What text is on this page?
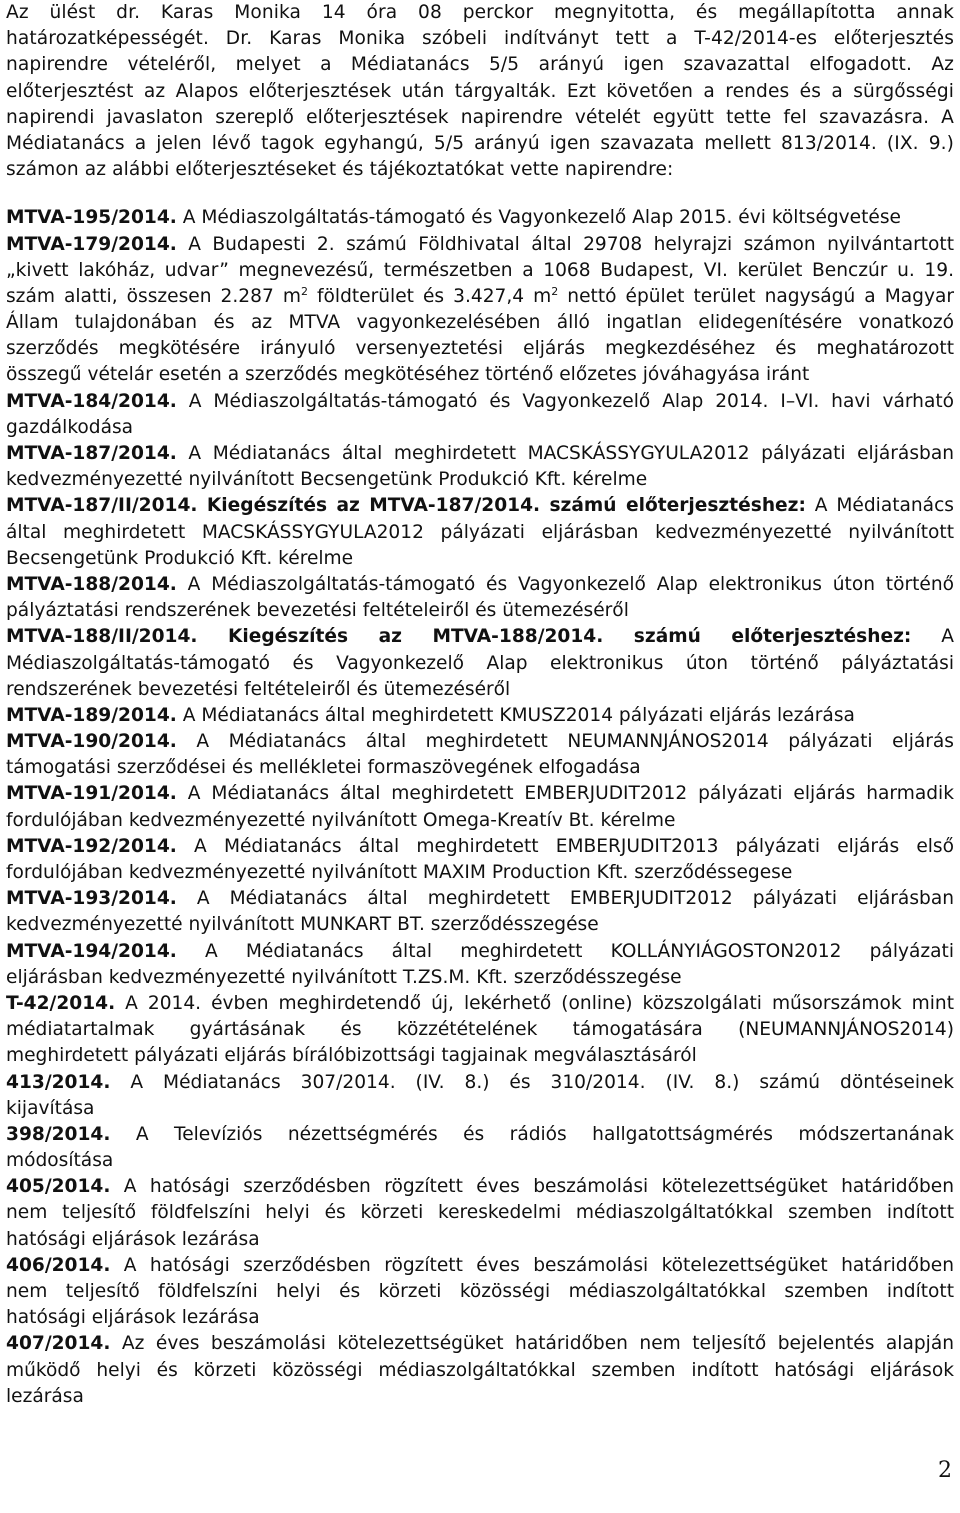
Az ülést dr. Karas Monika 14 óra 08 perckor megnyitotta, és megállapította annak
határozatképességét. Dr. Karas Monika szóbeli indítványt tett a T-42/2014-es előterjesztés
napirendre vételéről, melyet a Médiatanács 5/5 arányú igen szavazattal elfogadott. Az
előterjesztést az Alapos előterjesztések után tárgyalták. Ezt követően a rendes és a sürgősségi
napirendi javaslaton szereplő előterjesztések napirendre vételét együtt tette fel szavazásra. A
Médiatanács a jelen lévő tagok egyhangú, 5/5 arányú igen szavazata mellett 813/2014. (IX. 9.)
számon az alábbi előterjesztéseket és tájékoztatókat vette napirendre:
MTVA-195/2014. A Médiaszolgáltatás-támogató és Vagyonkezelő Alap 2015. évi költségvetése
MTVA-179/2014. A Budapesti 2. számú Földhivatal által 29708 helyrajzi számon nyilvántartott
„kivett lakóház, udvar” megnevezésű, természetben a 1068 Budapest, VI. kerület Benczúr u. 19.
szám alatti, összesen 2.287 $m^2$ földterület és 3.427,4 $m^2$ nettó épület terület nagyságú a Magyar
Állam tulajdonában és az MTVA vagyonkezelésében álló ingatlan elidegenítésére vonatkozó
szerződés megkötésére irányuló versenyeztetési eljárás megkezdéséhez és meghatározott
összegű vételár esetén a szerződés megkötéséhez történő előzetes jóváhagyása iránt
MTVA-184/2014. A Médiaszolgáltatás-támogató és Vagyonkezelő Alap 2014. I–VI. havi várható
gazdálkodása
MTVA-187/2014. A Médiatanács által meghirdetett MACSKÁSSYGYULA2012 pályázati eljárásban
kedvezményezetté nyilvánított Becsengetünk Produkció Kft. kérelme
MTVA-187/II/2014. Kiegészítés az MTVA-187/2014. számú előterjesztéshez: A Médiatanács
által meghirdetett MACSKÁSSYGYULA2012 pályázati eljárásban kedvezményezetté nyilvánított
Becsengetünk Produkció Kft. kérelme
MTVA-188/2014. A Médiaszolgáltatás-támogató és Vagyonkezelő Alap elektronikus úton történő
pályáztatási rendszerének bevezetési feltételeiről és ütemezéséről
MTVA-188/II/2014. Kiegészítés az MTVA-188/2014. számú előterjesztéshez: A
Médiaszolgáltatás-támogató és Vagyonkezelő Alap elektronikus úton történő pályáztatási
rendszerének bevezetési feltételeiről és ütemezéséről
MTVA-189/2014. A Médiatanács által meghirdetett KMUSZ2014 pályázati eljárás lezárása
MTVA-190/2014. A Médiatanács által meghirdetett NEUMANNJÁNOS2014 pályázati eljárás
támogatási szerződései és mellékletei formaszövegének elfogadása
MTVA-191/2014. A Médiatanács által meghirdetett EMBERJUDIT2012 pályázati eljárás harmadik
fordulójában kedvezményezetté nyilvánított Omega-Kreatív Bt. kérelme
MTVA-192/2014. A Médiatanács által meghirdetett EMBERJUDIT2013 pályázati eljárás első
fordulójában kedvezményezetté nyilvánított MAXIM Production Kft. szerződéssegese
MTVA-193/2014. A Médiatanács által meghirdetett EMBERJUDIT2012 pályázati eljárásban
kedvezményezetté nyilvánított MUNKART BT. szerződésszegése
MTVA-194/2014. A Médiatanács által meghirdetett KOLLÁNYIÁGOSTON2012 pályázati
eljárásban kedvezményezetté nyilvánított T.ZS.M. Kft. szerződésszegése
T-42/2014. A 2014. évben meghirdetendő új, lekérhető (online) közszolgálati műsorszámok mint
médiatartalmak gyártásának és közzétételének támogatására (NEUMANNJÁNOS2014)
meghirdetett pályázati eljárás bírálóbizottsági tagjainak megválasztásáról
413/2014. A Médiatanács 307/2014. (IV. 8.) és 310/2014. (IV. 8.) számú döntéseinek
kijavítása
398/2014. A Televíziós nézettségmérés és rádiós hallgatottságmérés módszertanának
módosítása
405/2014. A hatósági szerződésben rögzített éves beszámolási kötelezettségüket határidőben
nem teljesítő földfelszíni helyi és körzeti kereskedelmi médiaszolgáltatókkal szemben indított
hatósági eljárások lezárása
406/2014. A hatósági szerződésben rögzített éves beszámolási kötelezettségüket határidőben
nem teljesítő földfelszíni helyi és körzeti közösségi médiaszolgáltatókkal szemben indított
hatósági eljárások lezárása
407/2014. Az éves beszámolási kötelezettségüket határidőben nem teljesítő bejelentés alapján
működő helyi és körzeti közösségi médiaszolgáltatókkal szemben indított hatósági eljárások
lezárása
2
